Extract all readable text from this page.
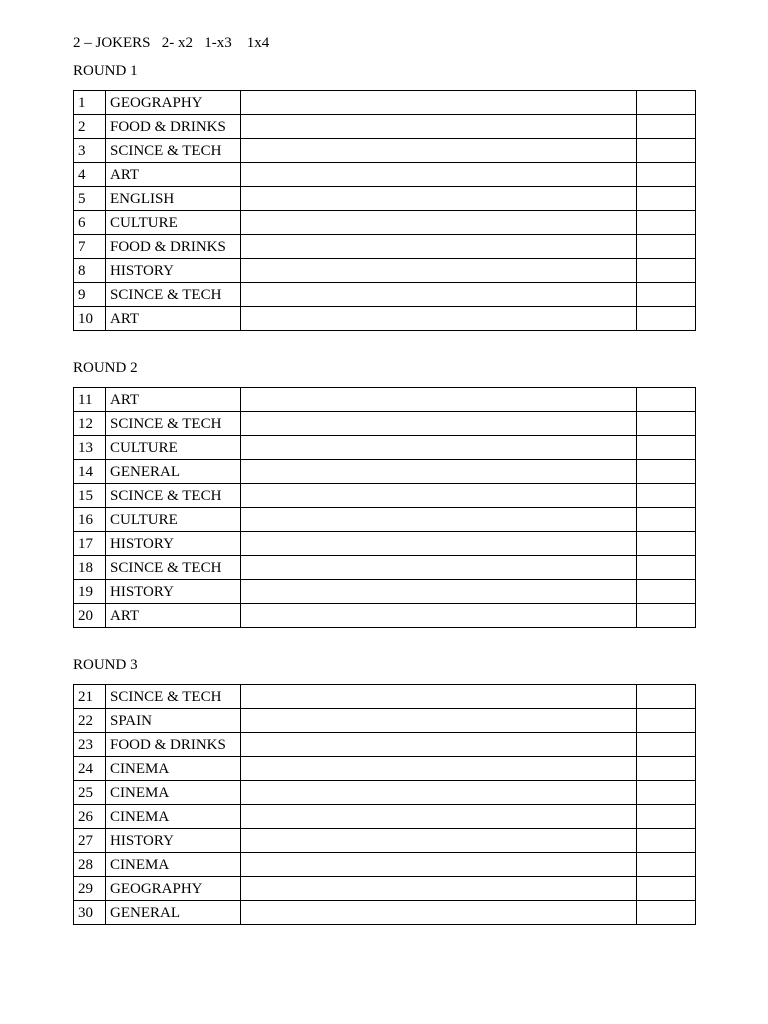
2 – JOKERS   2- x2   1-x3    1x4
ROUND 1
1	GEOGRAPHY		
2	FOOD & DRINKS		
3	SCINCE & TECH		
4	ART		
5	ENGLISH		
6	CULTURE		
7	FOOD & DRINKS		
8	HISTORY		
9	SCINCE & TECH		
10	ART		
ROUND 2
11	ART		
12	SCINCE & TECH		
13	CULTURE		
14	GENERAL		
15	SCINCE & TECH		
16	CULTURE		
17	HISTORY		
18	SCINCE & TECH		
19	HISTORY		
20	ART		
ROUND 3
21	SCINCE & TECH		
22	SPAIN		
23	FOOD & DRINKS		
24	CINEMA		
25	CINEMA		
26	CINEMA		
27	HISTORY		
28	CINEMA		
29	GEOGRAPHY		
30	GENERAL		
